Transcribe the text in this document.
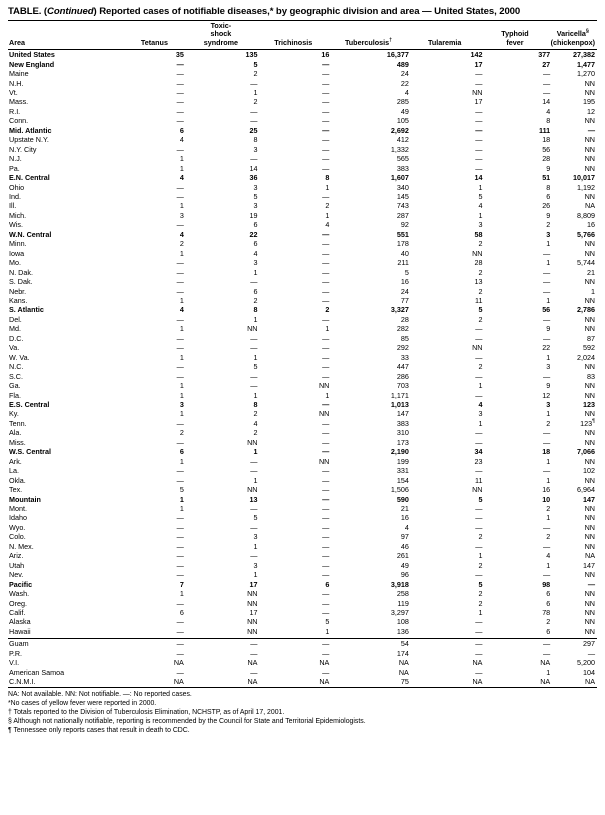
TABLE. (Continued) Reported cases of notifiable diseases,* by geographic division and area — United States, 2000
Area	Tetanus	Toxic-
shock
syndrome	Trichinosis	Tuberculosis†	Tularemia	Typhoid
fever	Varicella§
(chickenpox)
United States	35	135	16	16,377	142	377	27,382
New England	—	5	—	489	17	27	1,477
Maine	—	2	—	24	—	—	1,270
N.H.	—	—	—	22	—	—	NN
Vt.	—	1	—	4	NN	—	NN
Mass.	—	2	—	285	17	14	195
R.I.	—	—	—	49	—	4	12
Conn.	—	—	—	105	—	8	NN
Mid. Atlantic	6	25	—	2,692	—	111	—
Upstate N.Y.	4	8	—	412	—	18	NN
N.Y. City	—	3	—	1,332	—	56	NN
N.J.	1	—	—	565	—	28	NN
Pa.	1	14	—	383	—	9	NN
E.N. Central	4	36	8	1,607	14	51	10,017
Ohio	—	3	1	340	1	8	1,192
Ind.	—	5	—	145	5	6	NN
Ill.	1	3	2	743	4	26	NA
Mich.	3	19	1	287	1	9	8,809
Wis.	—	6	4	92	3	2	16
W.N. Central	4	22	—	551	58	3	5,766
Minn.	2	6	—	178	2	1	NN
Iowa	1	4	—	40	NN	—	NN
Mo.	—	3	—	211	28	1	5,744
N. Dak.	—	1	—	5	2	—	21
S. Dak.	—	—	—	16	13	—	NN
Nebr.	—	6	—	24	2	—	1
Kans.	1	2	—	77	11	1	NN
S. Atlantic	4	8	2	3,327	5	56	2,786
Del.	—	1	—	28	2	—	NN
Md.	1	NN	1	282	—	9	NN
D.C.	—	—	—	85	—	—	87
Va.	—	—	—	292	NN	22	592
W. Va.	1	1	—	33	—	1	2,024
N.C.	—	5	—	447	2	3	NN
S.C.	—	—	—	286	—	—	83
Ga.	1	—	NN	703	1	9	NN
Fla.	1	1	1	1,171	—	12	NN
E.S. Central	3	8	—	1,013	4	3	123
Ky.	1	2	NN	147	3	1	NN
Tenn.	—	4	—	383	1	2	123¶
Ala.	2	2	—	310	—	—	NN
Miss.	—	NN	—	173	—	—	NN
W.S. Central	6	1	—	2,190	34	18	7,066
Ark.	1	—	NN	199	23	1	NN
La.	—	—	—	331	—	—	102
Okla.	—	1	—	154	11	1	NN
Tex.	5	NN	—	1,506	NN	16	6,964
Mountain	1	13	—	590	5	10	147
Mont.	1	—	—	21	—	2	NN
Idaho	—	5	—	16	—	1	NN
Wyo.	—	—	—	4	—	—	NN
Colo.	—	3	—	97	2	2	NN
N. Mex.	—	1	—	46	—	—	NN
Ariz.	—	—	—	261	1	4	NA
Utah	—	3	—	49	2	1	147
Nev.	—	1	—	96	—	—	NN
Pacific	7	17	6	3,918	5	98	—
Wash.	1	NN	—	258	2	6	NN
Oreg.	—	NN	—	119	2	6	NN
Calif.	6	17	—	3,297	1	78	NN
Alaska	—	NN	5	108	—	2	NN
Hawaii	—	NN	1	136	—	6	NN
Guam	—	—	—	54	—	—	297
P.R.	—	—	—	174	—	—	—
V.I.	NA	NA	NA	NA	NA	NA	5,200
American Samoa	—	—	—	NA	—	1	104
C.N.M.I.	NA	NA	NA	75	NA	NA	NA
NA: Not available. NN: Not notifiable. —: No reported cases.
*No cases of yellow fever were reported in 2000.
† Totals reported to the Division of Tuberculosis Elimination, NCHSTP, as of April 17, 2001.
§ Although not nationally notifiable, reporting is recommended by the Council for State and Territorial Epidemiologists.
¶ Tennessee only reports cases that result in death to CDC.
